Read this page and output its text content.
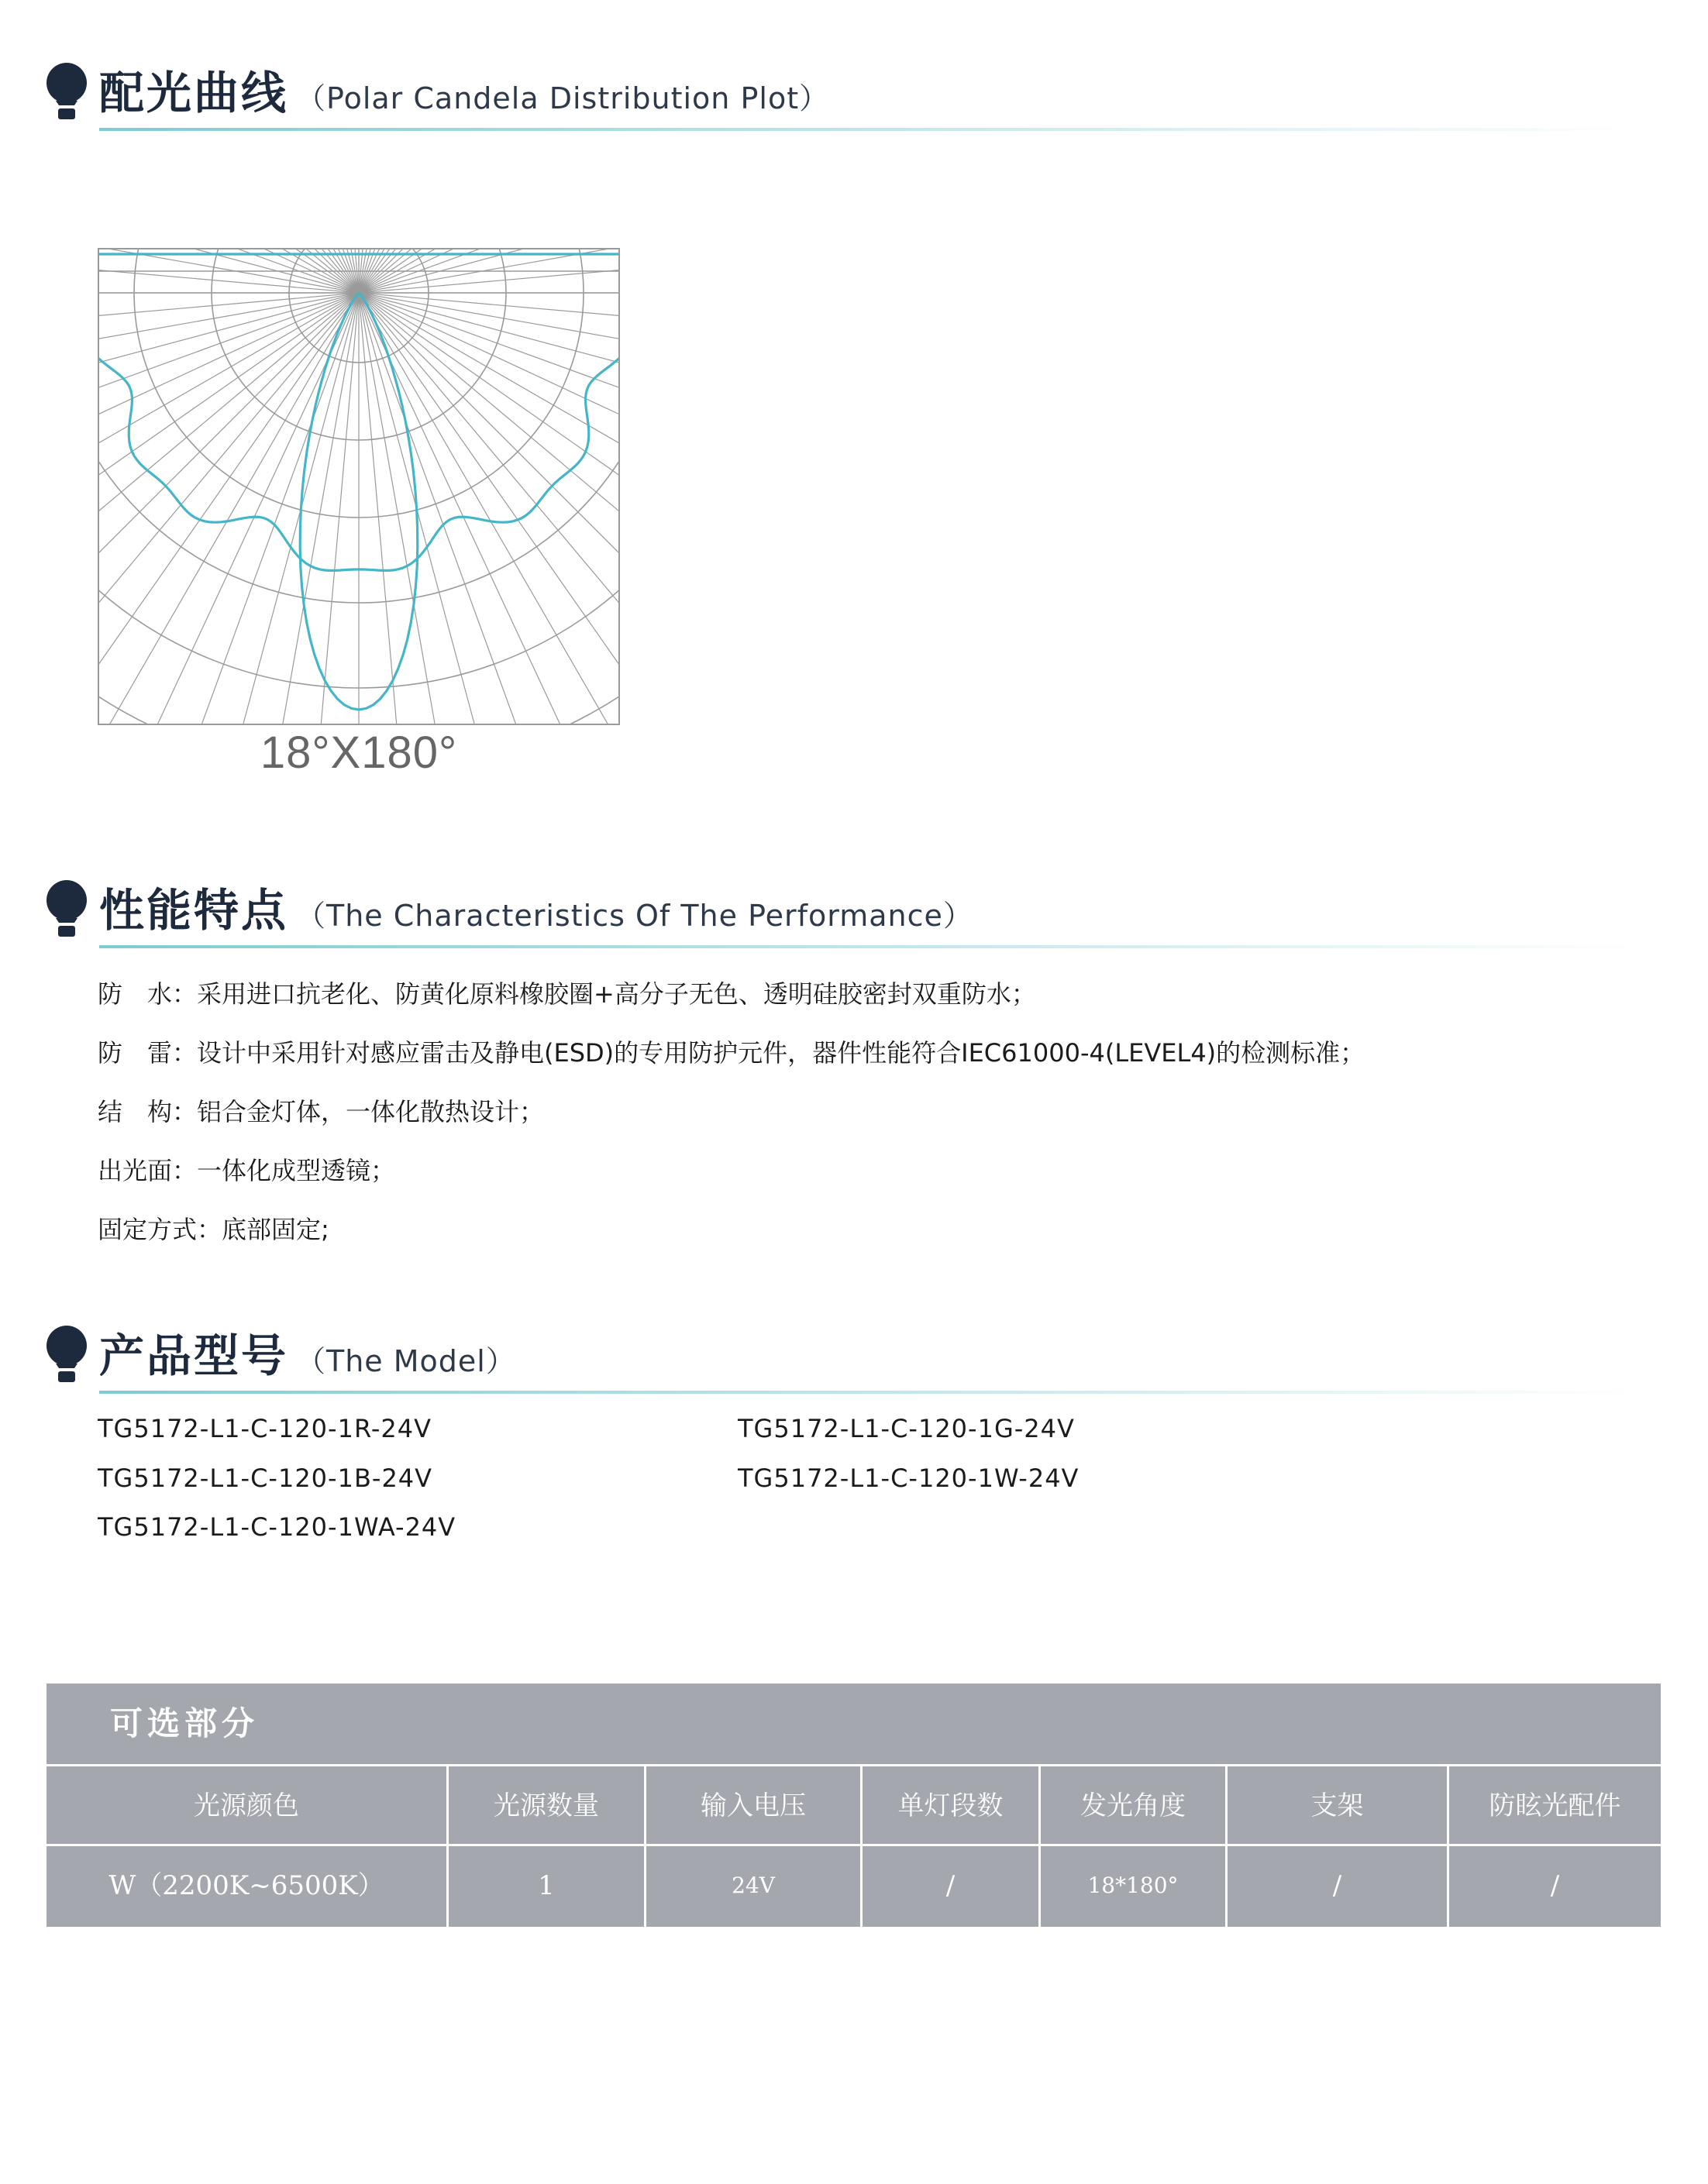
配光曲线 （Polar Candela Distribution Plot）
18°X180°
性能特点 （The Characteristics Of The Performance）
防　水：采用进口抗老化、防黄化原料橡胶圈+高分子无色、透明硅胶密封双重防水；
防　雷：设计中采用针对感应雷击及静电(ESD)的专用防护元件，器件性能符合IEC61000-4(LEVEL4)的检测标准；
结　构：铝合金灯体，一体化散热设计；
出光面：一体化成型透镜；
固定方式：底部固定;
产品型号 （The Model）
TG5172-L1-C-120-1R-24V	TG5172-L1-C-120-1G-24V
TG5172-L1-C-120-1B-24V	TG5172-L1-C-120-1W-24V
TG5172-L1-C-120-1WA-24V
可选部分
光源颜色	光源数量	输入电压	单灯段数	发光角度	支架	防眩光配件
W（2200K~6500K）	1	24V	/	18*180°	/	/
